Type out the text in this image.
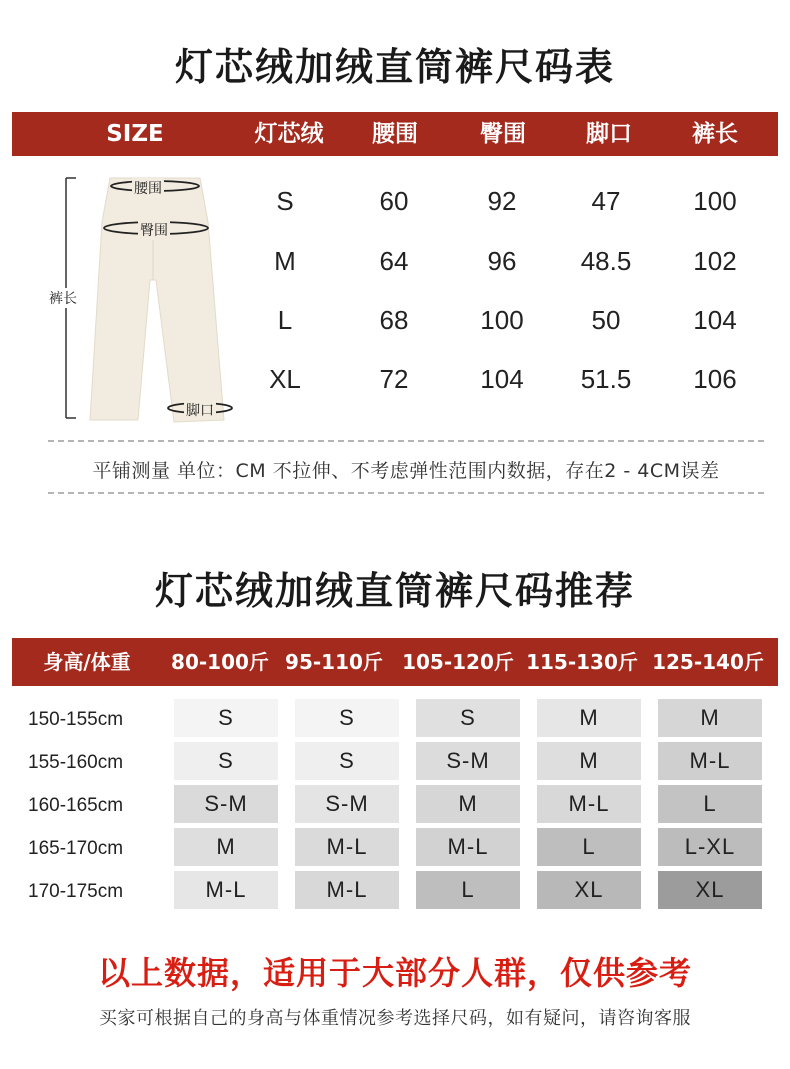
灯芯绒加绒直筒裤尺码表
SIZE	灯芯绒	腰围	臀围	脚口	裤长
腰围
臀围
裤长
脚口
S	60	92	47	100
M	64	96	48.5	102
L	68	100	50	104
XL	72	104	51.5	106
平铺测量 单位：CM 不拉伸、不考虑弹性范围内数据，存在2 - 4CM误差
灯芯绒加绒直筒裤尺码推荐
身高/体重	80-100斤 95-110斤 105-120斤 115-130斤 125-140斤
150-155cm	S	S	S	M	M
155-160cm	S	S	S-M	M	M-L
160-165cm	S-M	S-M	M	M-L	L
165-170cm	M	M-L	M-L	L	L-XL
170-175cm	M-L	M-L	L	XL	XL
以上数据，适用于大部分人群，仅供参考
买家可根据自己的身高与体重情况参考选择尺码，如有疑问，请咨询客服
